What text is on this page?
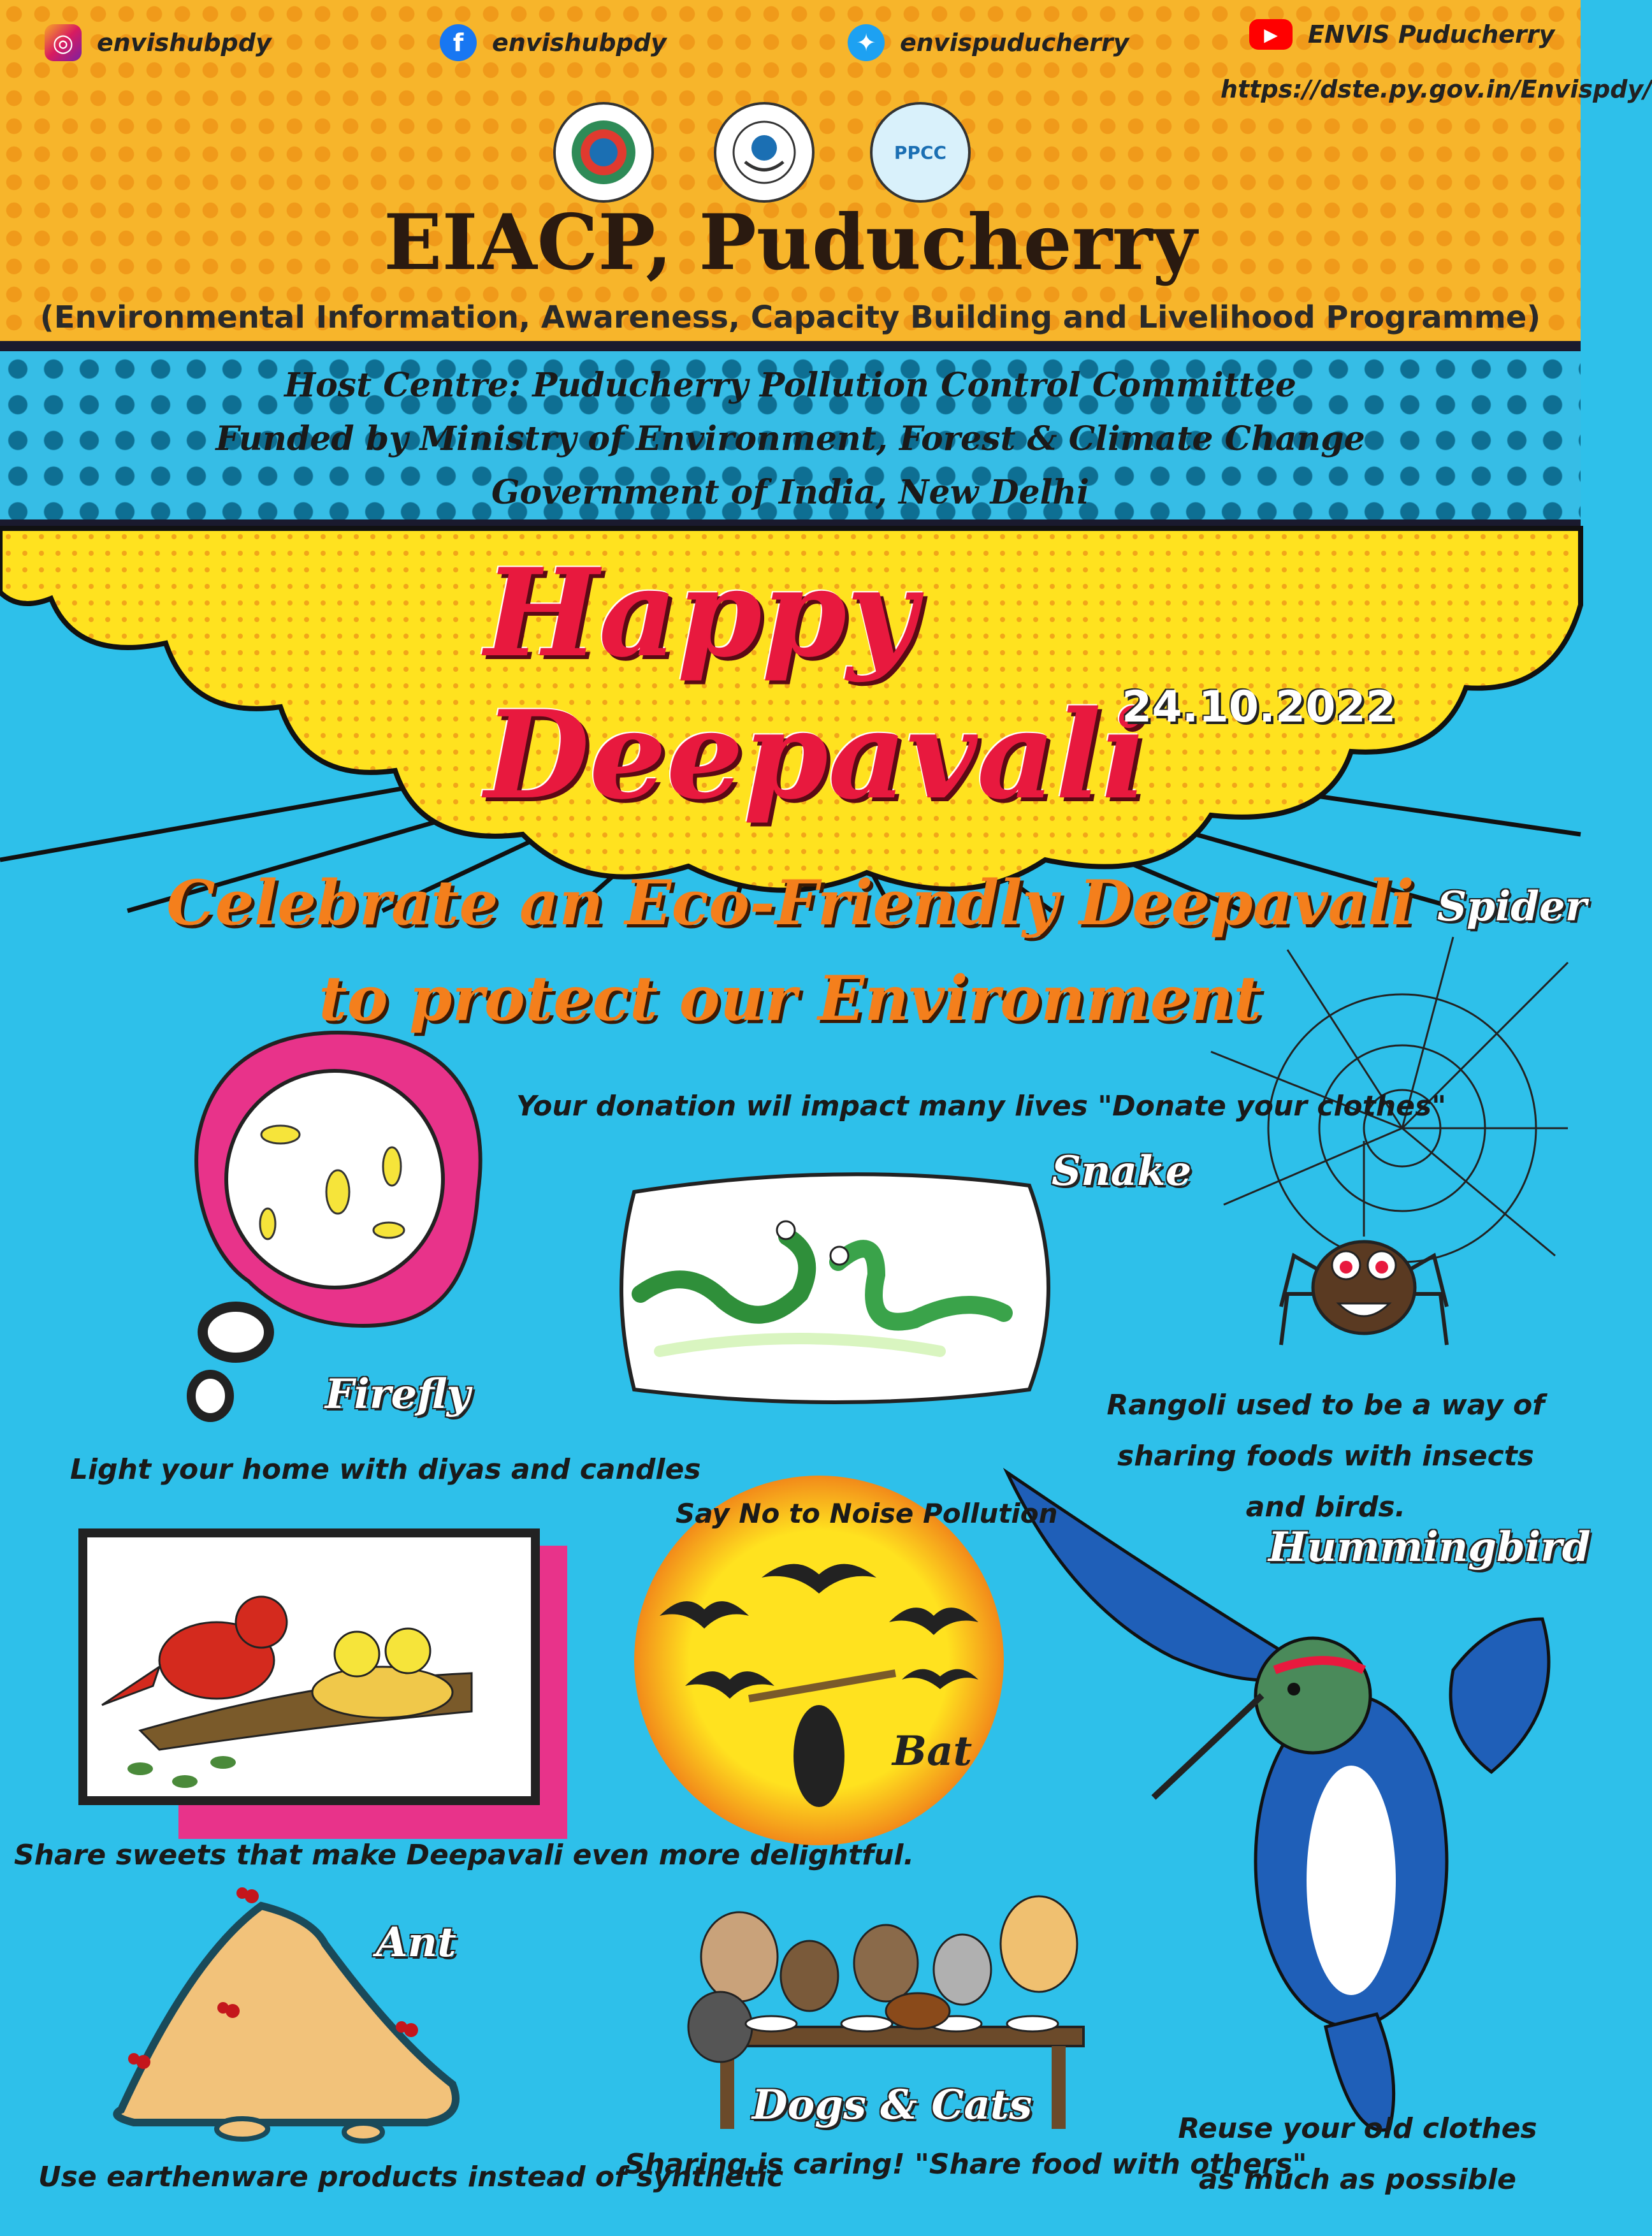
◎ envishubpdy	f	envishubpdy	✦ envispuducherry	▶	ENVIS Puducherry
https://dste.py.gov.in/Envispdy/
PPCC
EIACP, Puducherry
(Environmental Information, Awareness, Capacity Building and Livelihood Programme)
Host Centre: Puducherry Pollution Control Committee
Funded by Ministry of Environment, Forest & Climate Change
Government of India, New Delhi
Happy Deepavali
24.10.2022
Celebrate an Eco-Friendly Deepavali
to protect our Environment
Spider
Rangoli used to be a way of sharing foods with insects and birds.
Firefly
Light your home with diyas and candles
Your donation wil impact many lives "Donate your clothes"
Snake
Hummingbird
Reuse your old clothes as much as possible
Share sweets that make Deepavali even more delightful.
Say No to Noise Pollution
Bat
Ant
Use earthenware products instead of synthetic
Dogs & Cats
Sharing is caring! "Share food with others"
